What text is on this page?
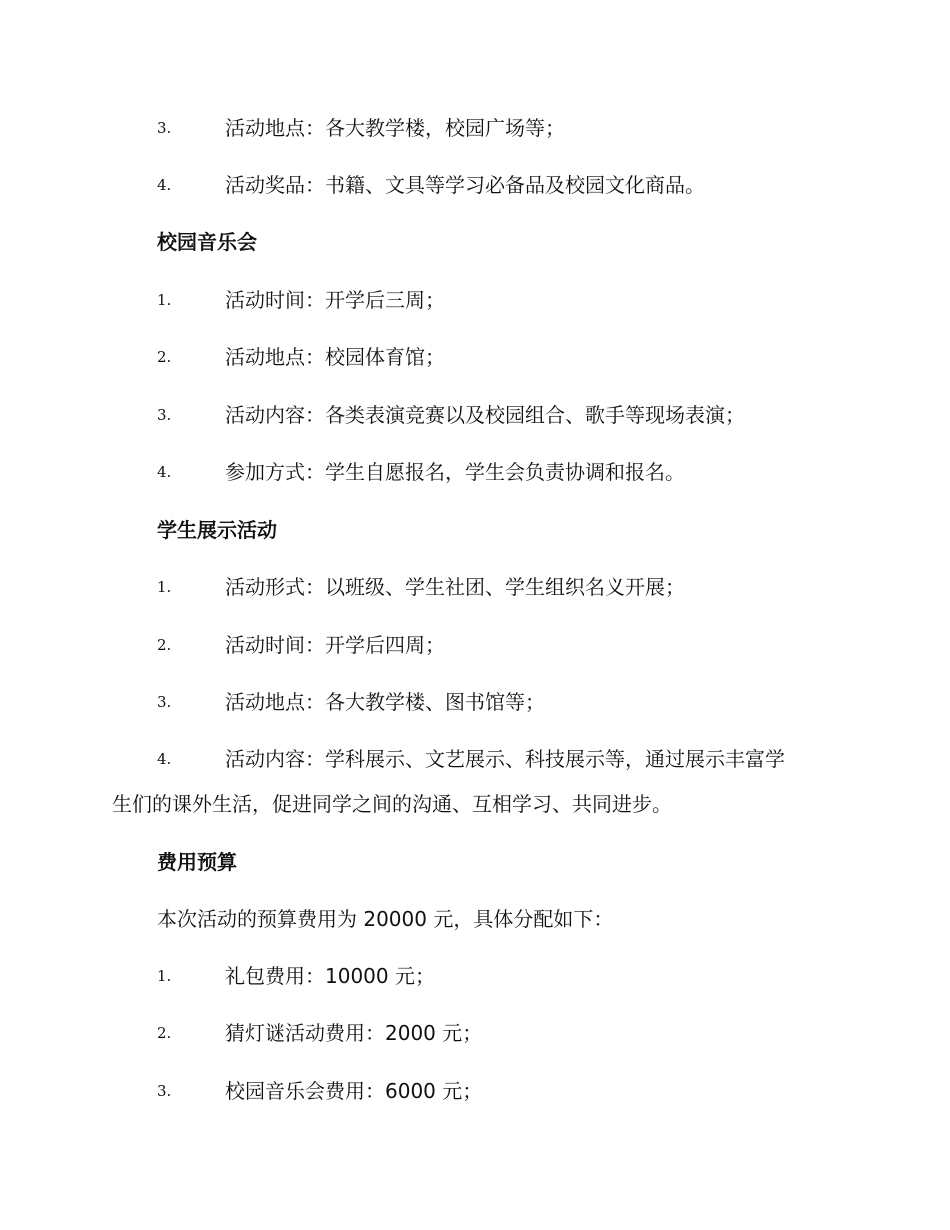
3.	活动地点：各大教学楼，校园广场等；
4.	活动奖品：书籍、文具等学习必备品及校园文化商品。
校园音乐会
1.	活动时间：开学后三周；
2.	活动地点：校园体育馆；
3.	活动内容：各类表演竞赛以及校园组合、歌手等现场表演；
4.	参加方式：学生自愿报名，学生会负责协调和报名。
学生展示活动
1.	活动形式：以班级、学生社团、学生组织名义开展；
2.	活动时间：开学后四周；
3.	活动地点：各大教学楼、图书馆等；
4.	活动内容：学科展示、文艺展示、科技展示等，通过展示丰富学
生们的课外生活，促进同学之间的沟通、互相学习、共同进步。
费用预算
本次活动的预算费用为 20000 元，具体分配如下：
1.	礼包费用：10000 元；
2.	猜灯谜活动费用：2000 元；
3.	校园音乐会费用：6000 元；
